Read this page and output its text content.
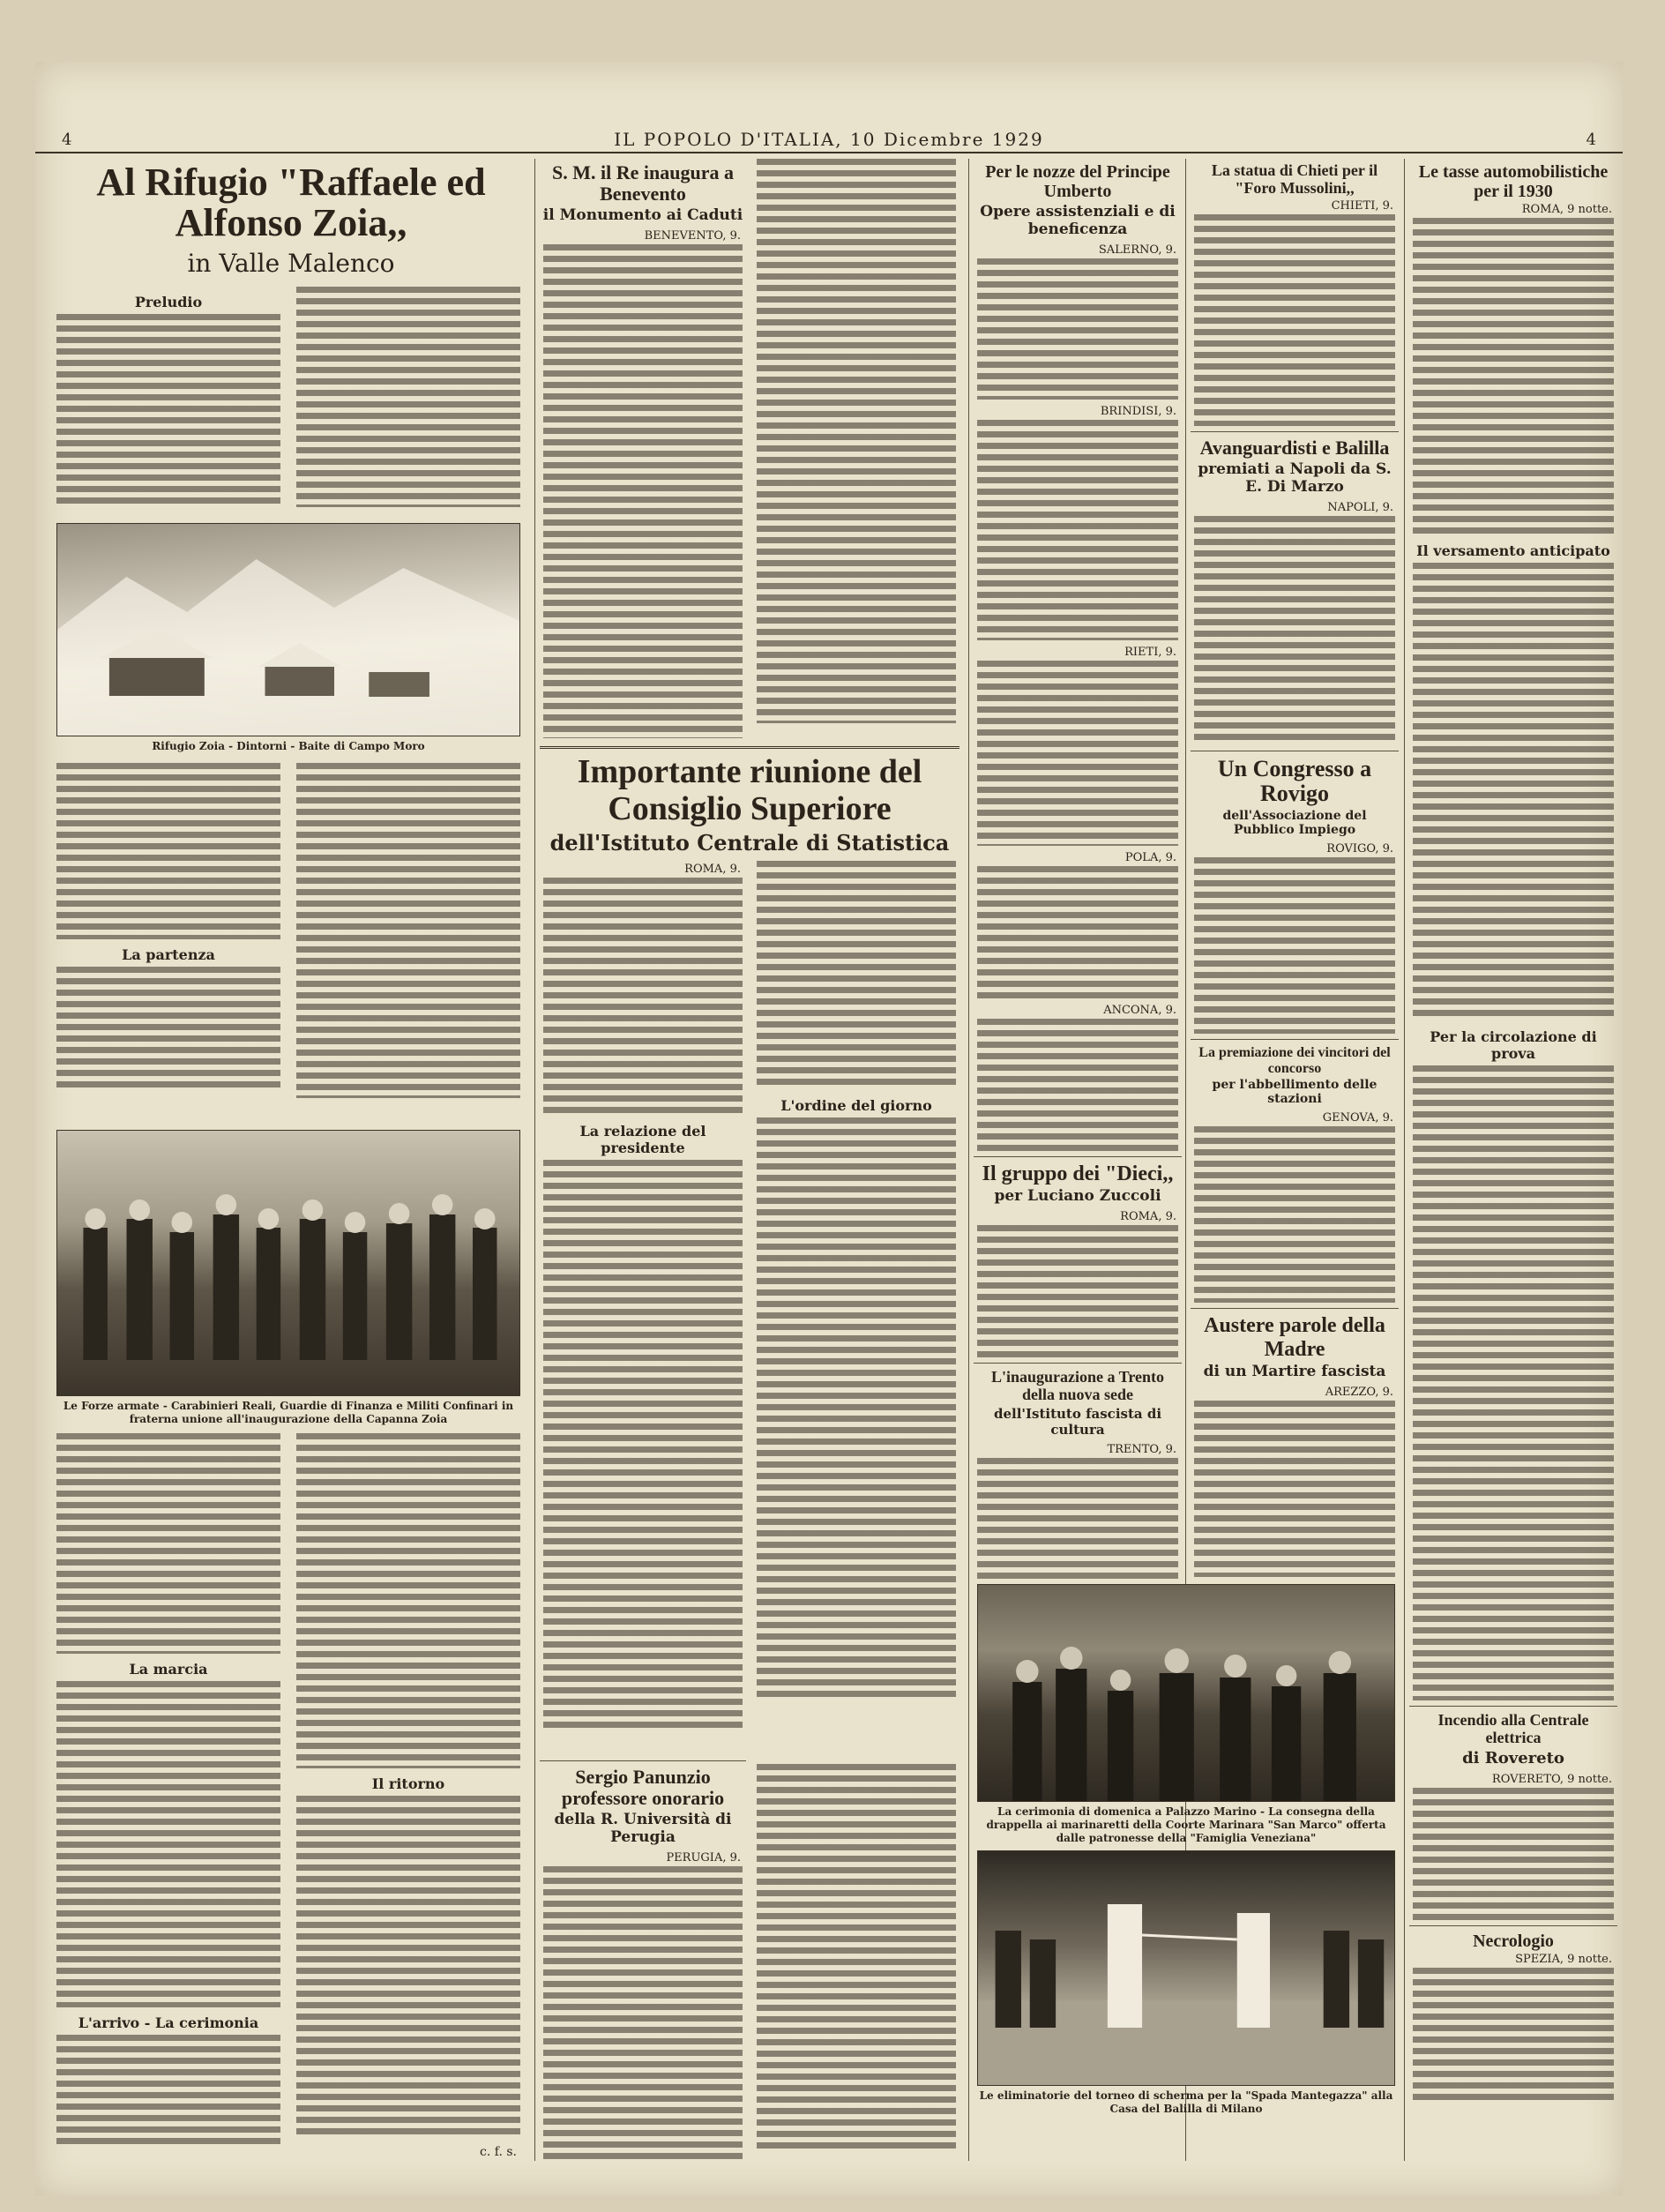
4	IL POPOLO D'ITALIA, 10 Dicembre 1929	4
Al Rifugio "Raffaele ed Alfonso Zoia,,
in Valle Malenco
Preludio
Rifugio Zoia - Dintorni - Baite di Campo Moro
La partenza
Le Forze armate - Carabinieri Reali, Guardie di Finanza e Militi Confinari in fraterna unione all'inaugurazione della Capanna Zoia
La marcia
L'arrivo - La cerimonia
Il ritorno
c. f. s.
S. M. il Re inaugura a Benevento
il Monumento ai Caduti
BENEVENTO, 9.
Importante riunione del Consiglio Superiore
dell'Istituto Centrale di Statistica
ROMA, 9.
La relazione del presidente
L'ordine del giorno
Sergio Panunzio professore onorario
della R. Università di Perugia
PERUGIA, 9.
Per le nozze del Principe Umberto
Opere assistenziali e di beneficenza
SALERNO, 9.
BRINDISI, 9.
RIETI, 9.
POLA, 9.
ANCONA, 9.
Il gruppo dei "Dieci,,
per Luciano Zuccoli
ROMA, 9.
L'inaugurazione a Trento della nuova sede
dell'Istituto fascista di cultura
TRENTO, 9.
La statua di Chieti per il "Foro Mussolini,,
CHIETI, 9.
Avanguardisti e Balilla
premiati a Napoli da S. E. Di Marzo
NAPOLI, 9.
Un Congresso a Rovigo
dell'Associazione del Pubblico Impiego
ROVIGO, 9.
La premiazione dei vincitori del concorso
per l'abbellimento delle stazioni
GENOVA, 9.
Austere parole della Madre
di un Martire fascista
AREZZO, 9.
La cerimonia di domenica a Palazzo Marino - La consegna della drappella ai marinaretti della Coorte Marinara "San Marco" offerta dalle patronesse della "Famiglia Veneziana"
Le eliminatorie del torneo di scherma per la "Spada Mantegazza" alla Casa del Balilla di Milano
Le tasse automobilistiche per il 1930
ROMA, 9 notte.
Il versamento anticipato
Per la circolazione di prova
Incendio alla Centrale elettrica
di Rovereto
ROVERETO, 9 notte.
Necrologio
SPEZIA, 9 notte.
